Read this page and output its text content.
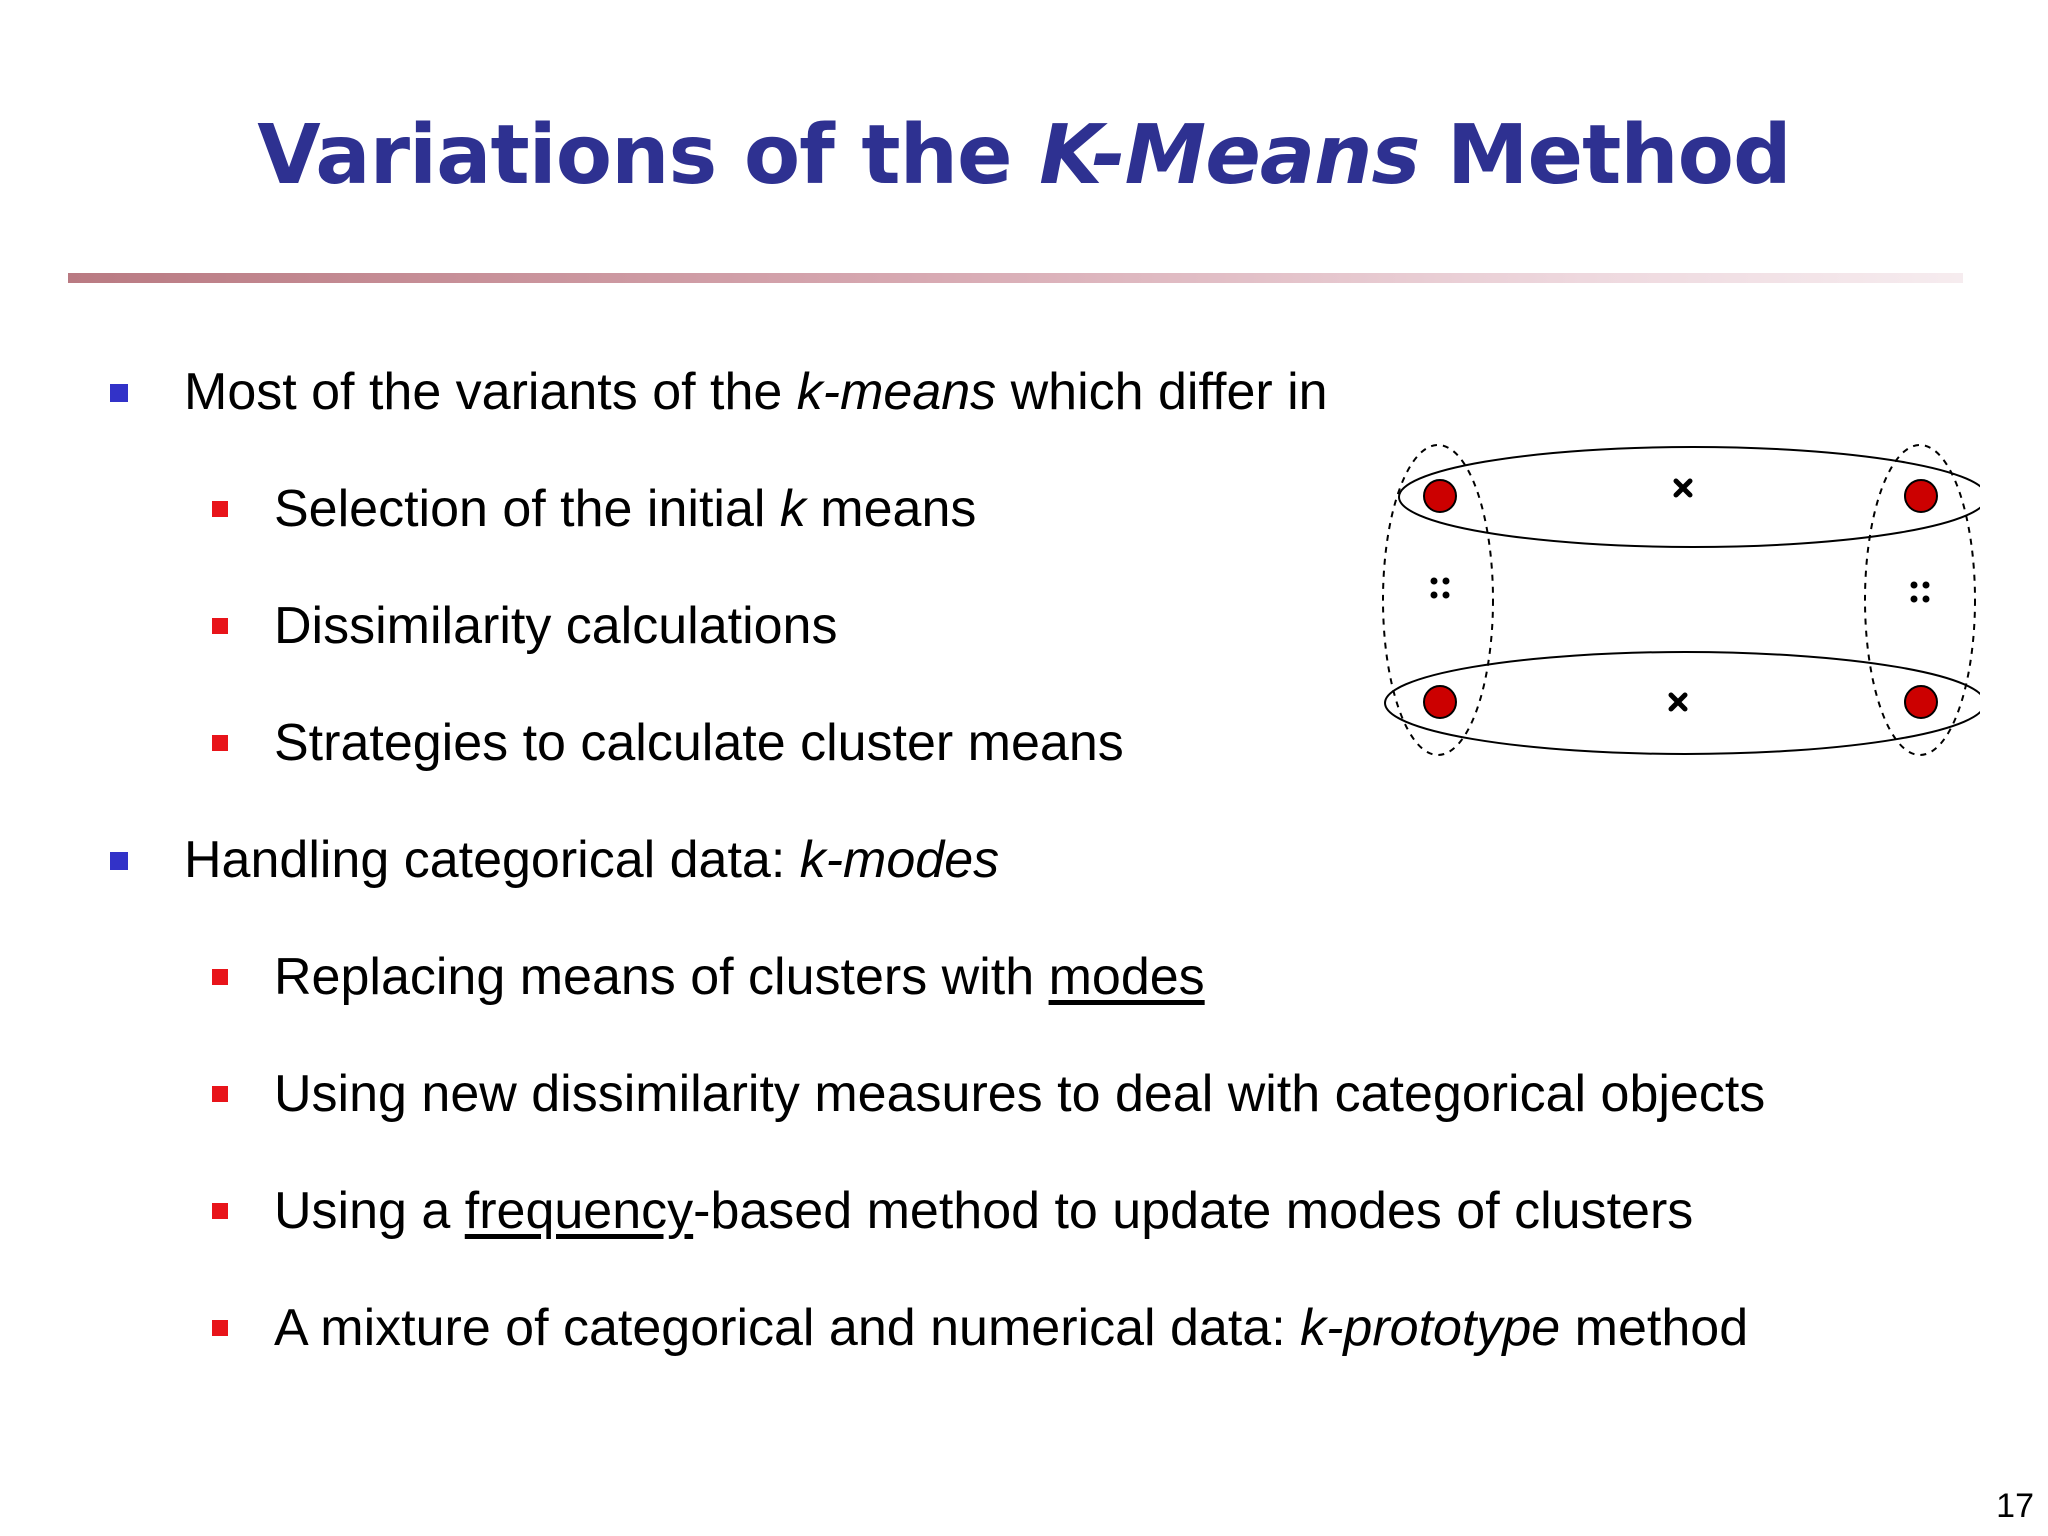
Variations of the K-Means Method
Most of the variants of the k-means which differ in
Selection of the initial k means
Dissimilarity calculations
Strategies to calculate cluster means
Handling categorical data: k-modes
Replacing means of clusters with modes
Using new dissimilarity measures to deal with categorical objects
Using a frequency-based method to update modes of clusters
A mixture of categorical and numerical data: k-prototype method
17
